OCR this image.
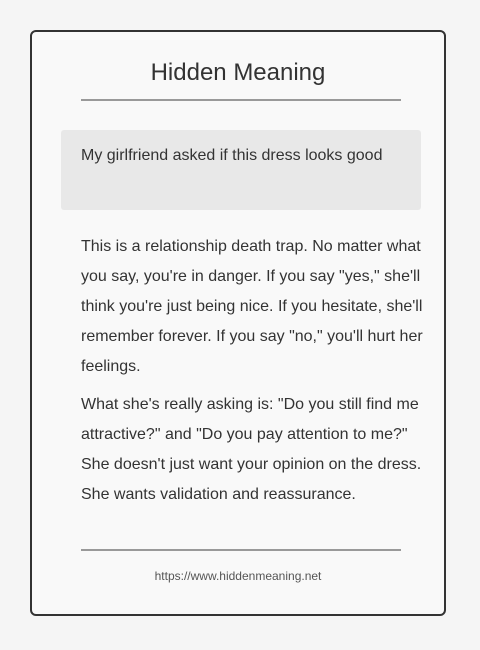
Hidden Meaning
My girlfriend asked if this dress looks good

This is a relationship death trap. No matter what you say, you're in danger. If you say "yes," she'll think you're just being nice. If you hesitate, she'll remember forever. If you say "no," you'll hurt her feelings.

What she's really asking is: "Do you still find me attractive?" and "Do you pay attention to me?" She doesn't just want your opinion on the dress. She wants validation and reassurance.

https://www.hiddenmeaning.net
